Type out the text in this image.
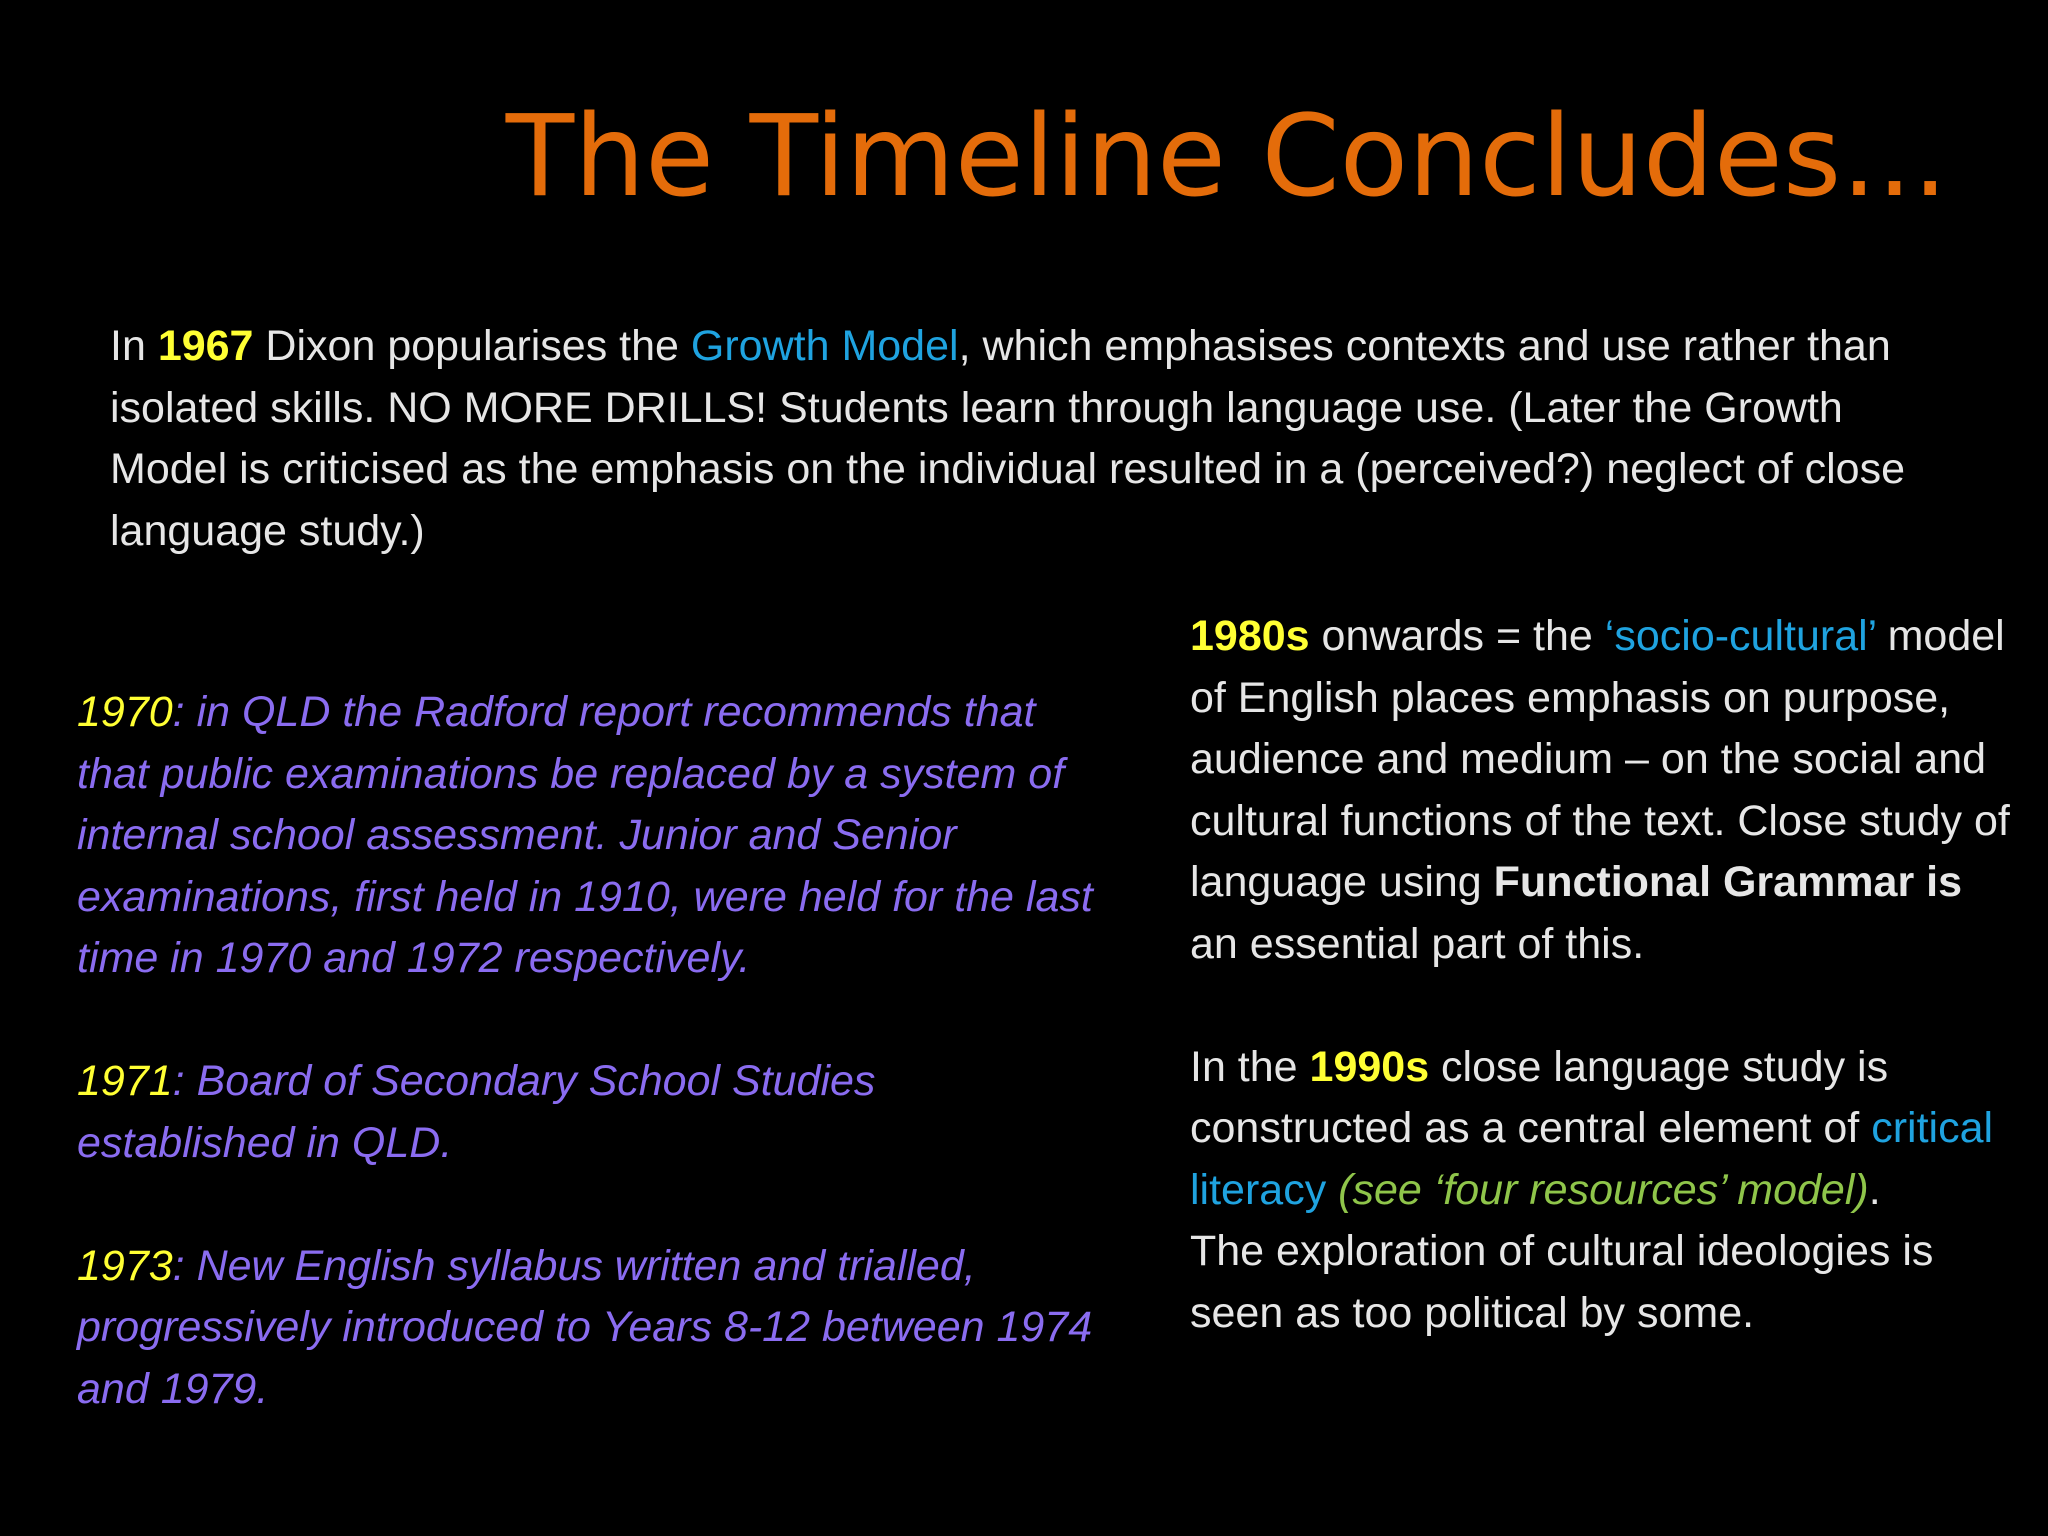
The Timeline Concludes...
In 1967 Dixon popularises the Growth Model, which emphasises contexts and use rather than isolated skills. NO MORE DRILLS! Students learn through language use. (Later the Growth Model is criticised as the emphasis on the individual resulted in a (perceived?) neglect of close language study.)

1970: in QLD the Radford report recommends that that public examinations be replaced by a system of internal school assessment. Junior and Senior examinations, first held in 1910, were held for the last time in 1970 and 1972 respectively.

1971: Board of Secondary School Studies established in QLD.

1973: New English syllabus written and trialled, progressively introduced to Years 8-12 between 1974 and 1979.

1980s onwards = the ‘socio-cultural’ model of English places emphasis on purpose, audience and medium – on the social and cultural functions of the text. Close study of language using Functional Grammar is an essential part of this.

In the 1990s close language study is constructed as a central element of critical literacy (see ‘four resources’ model).

The exploration of cultural ideologies is seen as too political by some.
